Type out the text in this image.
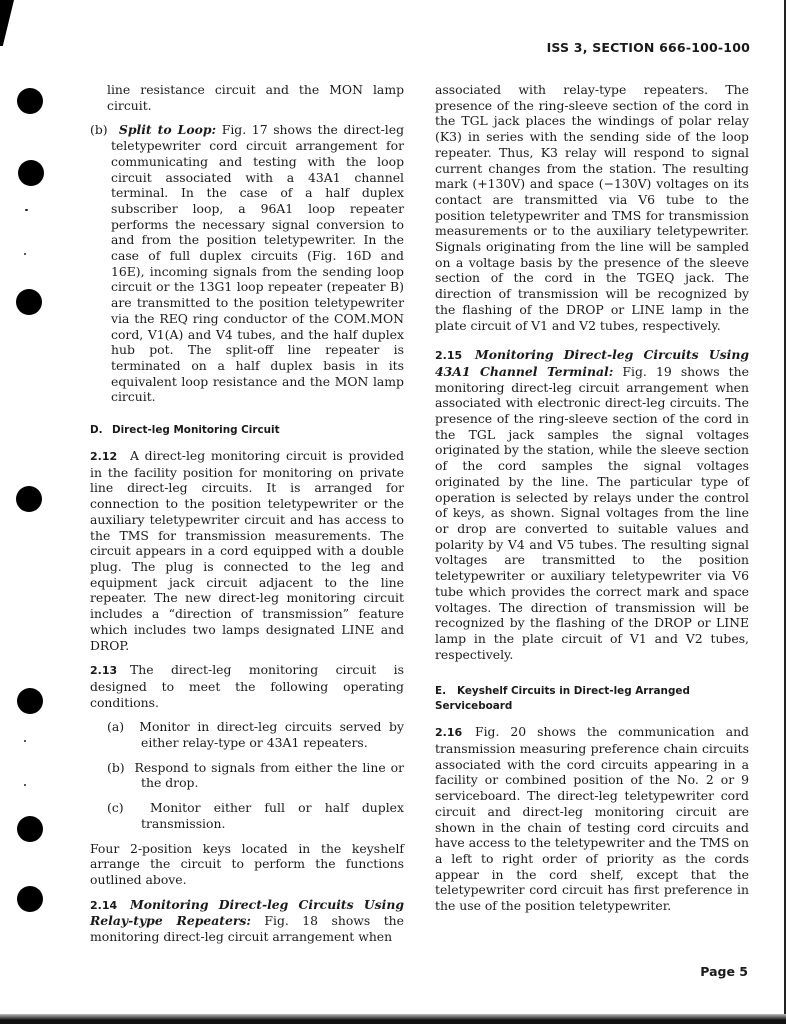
ISS 3, SECTION 666-100-100

line resistance circuit and the MON lamp circuit.

(b) Split to Loop: Fig. 17 shows the direct-leg teletypewriter cord circuit arrangement for communicating and testing with the loop circuit associated with a 43A1 channel terminal. In the case of a half duplex subscriber loop, a 96A1 loop repeater performs the necessary signal conversion to and from the position teletypewriter. In the case of full duplex circuits (Fig. 16D and 16E), incoming signals from the sending loop circuit or the 13G1 loop repeater (repeater B) are transmitted to the position teletypewriter via the REQ ring conductor of the COM.MON cord, V1(A) and V4 tubes, and the half duplex hub pot. The split-off line repeater is terminated on a half duplex basis in its equivalent loop resistance and the MON lamp circuit.

D. Direct-leg Monitoring Circuit

2.12 A direct-leg monitoring circuit is provided in the facility position for monitoring on private line direct-leg circuits. It is arranged for connection to the position teletypewriter or the auxiliary teletypewriter circuit and has access to the TMS for transmission measurements. The circuit appears in a cord equipped with a double plug. The plug is connected to the leg and equipment jack circuit adjacent to the line repeater. The new direct-leg monitoring circuit includes a “direction of transmission” feature which includes two lamps designated LINE and DROP.

2.13 The direct-leg monitoring circuit is designed to meet the following operating conditions.

(a) Monitor in direct-leg circuits served by either relay-type or 43A1 repeaters.

(b) Respond to signals from either the line or the drop.

(c) Monitor either full or half duplex transmission.

Four 2-position keys located in the keyshelf arrange the circuit to perform the functions outlined above.

2.14 Monitoring Direct-leg Circuits Using Relay-type Repeaters: Fig. 18 shows the monitoring direct-leg circuit arrangement when

associated with relay-type repeaters. The presence of the ring-sleeve section of the cord in the TGL jack places the windings of polar relay (K3) in series with the sending side of the loop repeater. Thus, K3 relay will respond to signal current changes from the station. The resulting mark (+130V) and space (−130V) voltages on its contact are transmitted via V6 tube to the position teletypewriter and TMS for transmission measurements or to the auxiliary teletypewriter. Signals originating from the line will be sampled on a voltage basis by the presence of the sleeve section of the cord in the TGEQ jack. The direction of transmission will be recognized by the flashing of the DROP or LINE lamp in the plate circuit of V1 and V2 tubes, respectively.

2.15 Monitoring Direct-leg Circuits Using 43A1 Channel Terminal: Fig. 19 shows the monitoring direct-leg circuit arrangement when associated with electronic direct-leg circuits. The presence of the ring-sleeve section of the cord in the TGL jack samples the signal voltages originated by the station, while the sleeve section of the cord samples the signal voltages originated by the line. The particular type of operation is selected by relays under the control of keys, as shown. Signal voltages from the line or drop are converted to suitable values and polarity by V4 and V5 tubes. The resulting signal voltages are transmitted to the position teletypewriter or auxiliary teletypewriter via V6 tube which provides the correct mark and space voltages. The direction of transmission will be recognized by the flashing of the DROP or LINE lamp in the plate circuit of V1 and V2 tubes, respectively.

E. Keyshelf Circuits in Direct-leg Arranged Serviceboard

2.16 Fig. 20 shows the communication and transmission measuring preference chain circuits associated with the cord circuits appearing in a facility or combined position of the No. 2 or 9 serviceboard. The direct-leg teletypewriter cord circuit and direct-leg monitoring circuit are shown in the chain of testing cord circuits and have access to the teletypewriter and the TMS on a left to right order of priority as the cords appear in the cord shelf, except that the teletypewriter cord circuit has first preference in the use of the position teletypewriter.

Page 5
